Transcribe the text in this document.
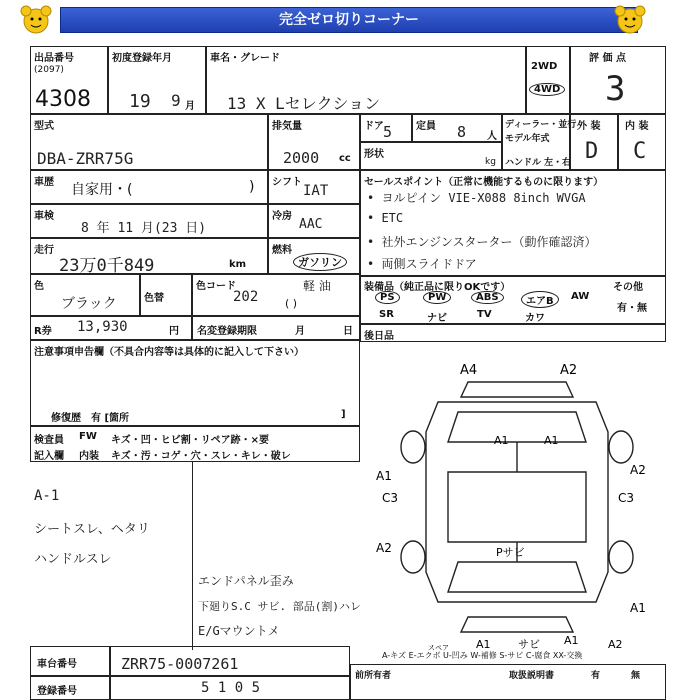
完全ゼロ切りコーナー
出品番号
(2097)
4308
初度登録年月
19 9 月
車名・グレード
13 X Lセレクション
2WD
4WD
評 価 点
3
型式
DBA-ZRR75G
排気量
2000 cc
ドア 5 定員 8 人
ディーラー・並行
モデル年式
ハンドル 左・右
形状
kg
外 装
D
内 装
C
車歴 自家用・(	) シフト
IAT
車検
8 年 11 月(23 日)
冷房
AAC
走行
23万0千849	km
燃料
ガソリン
色
ブラック	色替
色コード
202
軽 油
( )
R券 13,930	円 名変登録期限	月	日
注意事項申告欄（不具合内容等は具体的に記入して下さい）
修復歴　有 [箇所	]
セールスポイント（正常に機能するものに限ります）
• ヨルピイン VIE-X088 8inch WVGA
• ETC
• 社外エンジンスターター（動作確認済）
• 両側スライドドア
装備品（純正品に限りOKです）	その他
PS	PW	ABS	エアB	AW
SR	ナビ	TV	カワ
有・無
後日品
検査員
記入欄
FW キズ・凹・ヒビ割・リペア跡・×要
内装 キズ・汚・コゲ・穴・スレ・キレ・破レ
A-1
シートスレ、ヘタリ
ハンドルスレ
エンドパネル歪み
下廻りS.C サビ. 部品(割)ハレ
E/Gマウントメ
A4	A2
A1	A1
C3	C3
A1
A2
A2
A1
A1 サビ A1	A2
Pサビ
スペア
A-キズ E-エクボ U-凹み W-補修 S-サビ C-腐食 XX-交換
車台番号	ZRR75-0007261
登録番号	5 1 0 5
前所有者	取扱説明書	有	無
